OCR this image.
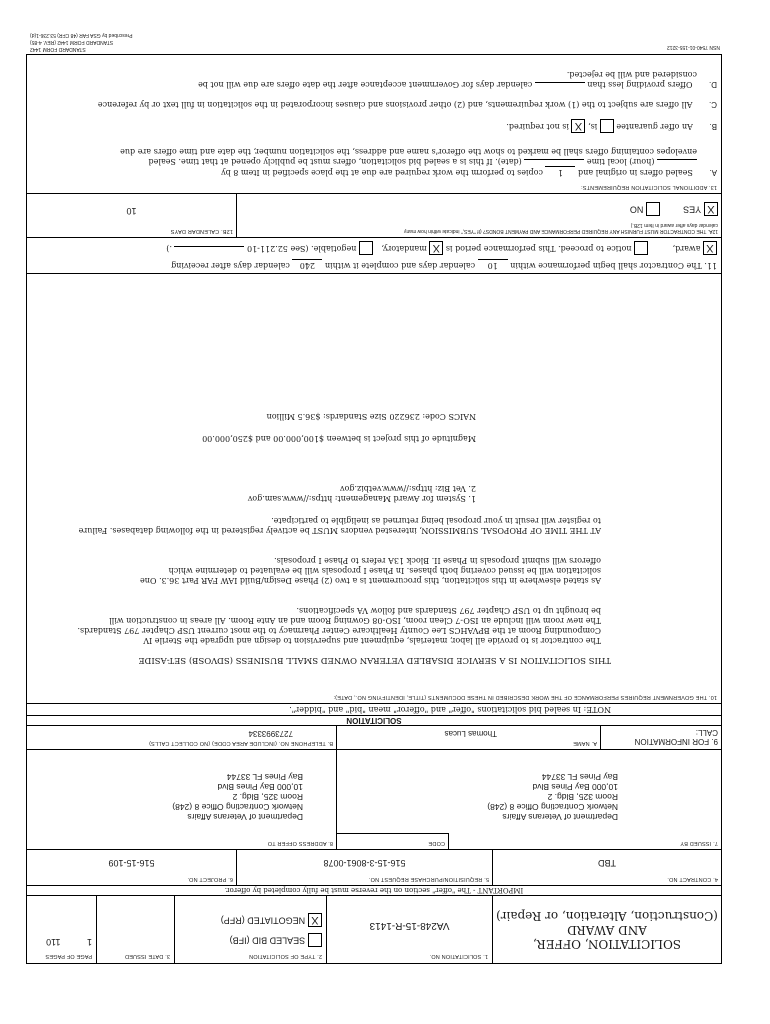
SOLICITATION, OFFER,
AND AWARD
(Construction, Alteration, or Repair)
1. SOLICITATION NO.
VA248-15-R-1413
2. TYPE OF SOLICITATION
SEALED BID (IFB)
X NEGOTIATED (RFP)
3. DATE ISSUED
PAGE OF PAGES
1 110
IMPORTANT - The "offer" section on the reverse must be fully completed by offeror.
4. CONTRACT NO.
TBD
5. REQUISITION/PURCHASE REQUEST NO.
516-15-3-8061-0078
6. PROJECT NO.
516-15-109
7. ISSUED BY
CODE
Department of Veterans Affairs
Network Contracting Office 8 (248)
Room 325, Bldg. 2
10,000 Bay Pines Blvd
Bay Pines FL 33744
8. ADDRESS OFFER TO
Department of Veterans Affairs
Network Contracting Office 8 (248)
Room 325, Bldg. 2
10,000 Bay Pines Blvd
Bay Pines FL 33744
9. FOR INFORMATION
CALL:
A. NAME
Thomas Lucas
B. TELEPHONE NO. (INCLUDE AREA CODE) (NO COLLECT CALLS)
7273993334
SOLICITATION
NOTE: In sealed bid solicitations "offer" and "offeror" mean "bid" and "bidder".
10. THE GOVERNMENT REQUIRES PERFORMANCE OF THE WORK DESCRIBED IN THESE DOCUMENTS (TITLE, IDENTIFYING NO., DATE):
THIS SOLICITATION IS A SERVICE DISABLED VETERAN OWNED SMALL BUSINESS (SDVOSB) SET-ASIDE
The contractor is to provide all labor, materials, equipment and supervision to design and upgrade the Sterile IV
Compounding Room at the BPVAHCS Lee County Healthcare Center Pharmacy to the most current USP Chapter 797 Standards.
The new room will include an ISO-7 Clean room, ISO-08 Gowning Room and an Ante Room. All areas in construction will
be brought up to USP Chapter 797 Standards and follow VA specifications.
As stated elsewhere in this solicitation, this procurement is a two (2) Phase Design/Build IAW FAR Part 36.3. One
solicitation will be issued covering both phases. In Phase I proposals will be evaluated to determine which
offerors will submit proposals in Phase II. Block 13A refers to Phase I proposals.
AT THE TIME OF PROPOSAL SUBMISSION, interested vendors MUST be actively registered in the following databases. Failure
to register will result in your proposal being returned as ineligible to participate.
1. System for Award Management: https://www.sam.gov
2. Vet Biz: https://www.vetbiz.gov
Magnitude of this project is between $100,000.00 and $250,000.00
NAICS Code: 236220 Size Standards: $36.5 Million
11. The Contractor shall begin performance within 10 calendar days and complete it within 240 calendar days after receiving
X award,  notice to proceed. This performance period is X mandatory,  negotiable. (See 52.211-10  .)
12A. THE CONTRACTOR MUST FURNISH ANY REQUIRED PERFORMANCE AND PAYMENT BONDS? (If "YES," indicate within how many
calendar days after award in Item 12B.)
X YES  NO
12B. CALENDAR DAYS
10
13. ADDITIONAL SOLICITATION REQUIREMENTS:
A. Sealed offers in original and 1 copies to perform the work required are due at the place specified in Item 8 by
(hour) local time  (date). If this is a sealed bid solicitation, offers must be publicly opened at that time. Sealed
envelopes containing offers shall be marked to show the offeror's name and address, the solicitation number, the date and time offers are due
B. An offer guarantee  is, X is not required.
C. All offers are subject to the (1) work requirements, and (2) other provisions and clauses incorporated in the solicitation in full text or by reference
D. Offers providing less than  calendar days for Government acceptance after the date offers are due will not be
considered and will be rejected.
NSN 7540-01-155-3212
STANDARD FORM 1442
STANDARD FORM 1442 (REV. 4-85)
Prescribed by GSA FAR (48 CFR) 53.236-1(d)
